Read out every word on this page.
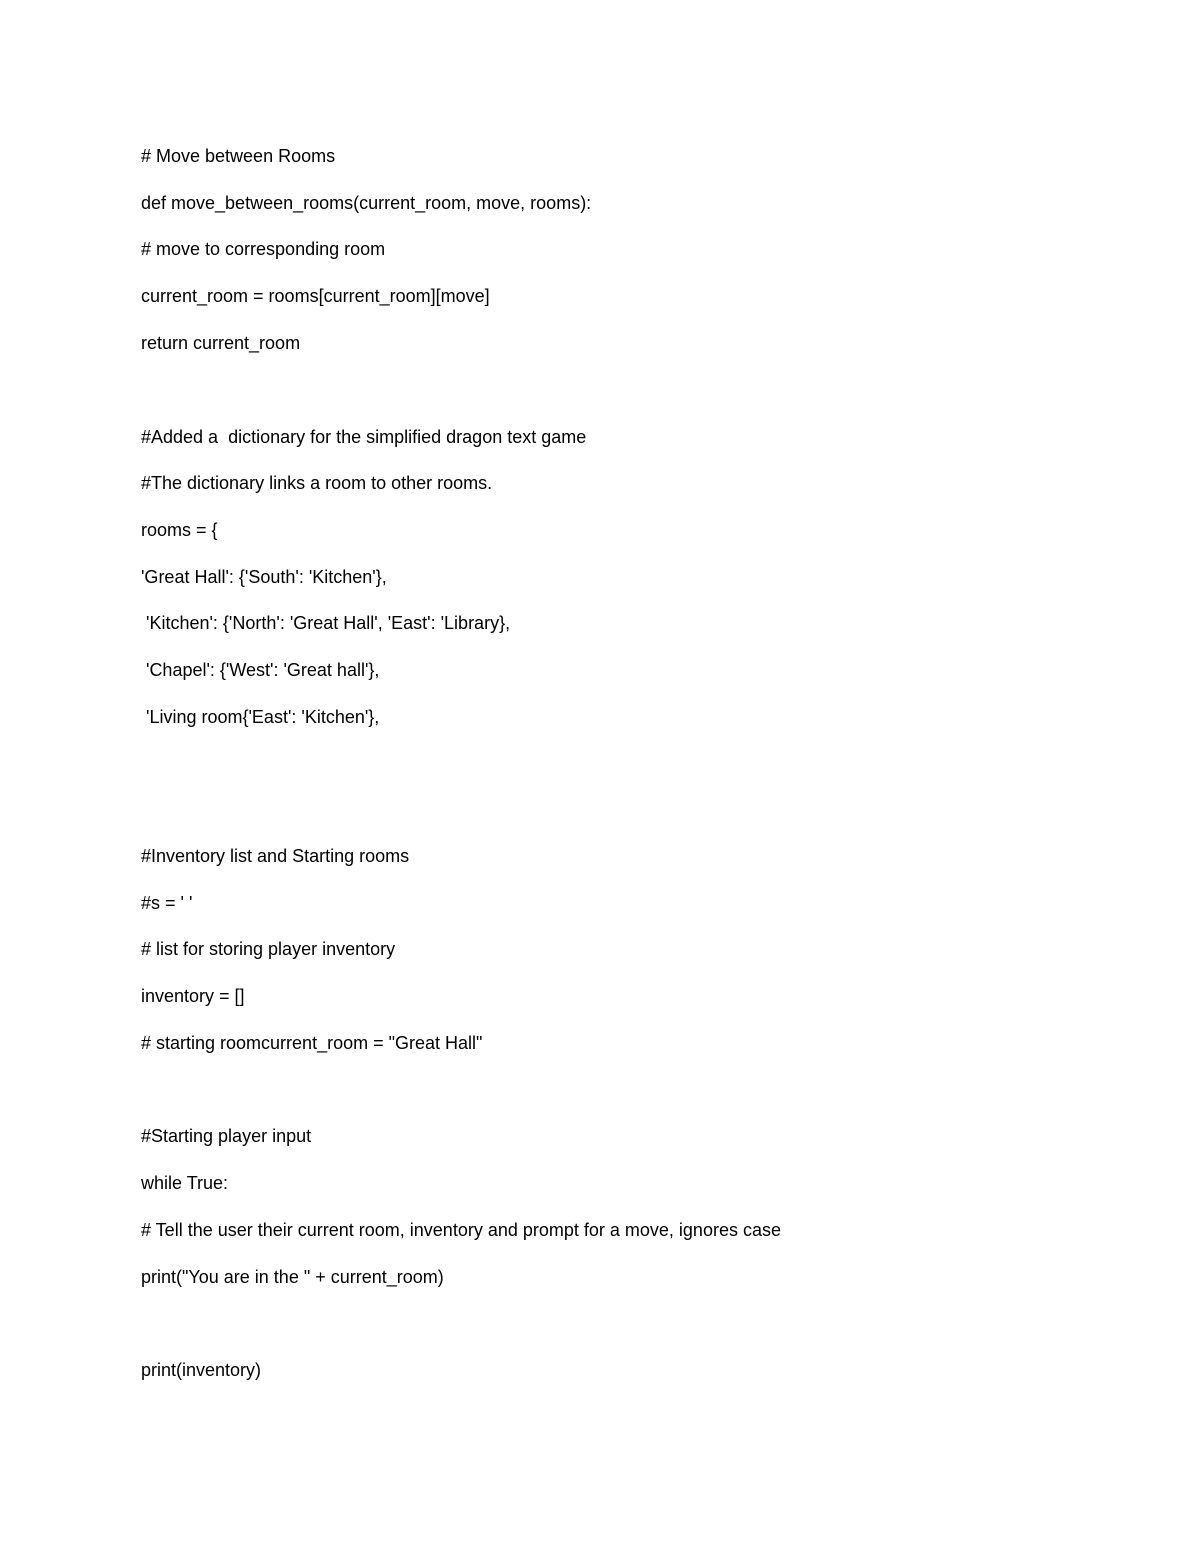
# Move between Rooms
def move_between_rooms(current_room, move, rooms):
# move to corresponding room
current_room = rooms[current_room][move]
return current_room
#Added a  dictionary for the simplified dragon text game
#The dictionary links a room to other rooms.
rooms = {
'Great Hall': {'South': 'Kitchen'},
'Kitchen': {'North': 'Great Hall', 'East': 'Library},
'Chapel': {'West': 'Great hall'},
'Living room{'East': 'Kitchen'},
#Inventory list and Starting rooms
#s = ' '
# list for storing player inventory
inventory = []
# starting roomcurrent_room = "Great Hall"
#Starting player input
while True:
# Tell the user their current room, inventory and prompt for a move, ignores case
print("You are in the " + current_room)
print(inventory)
